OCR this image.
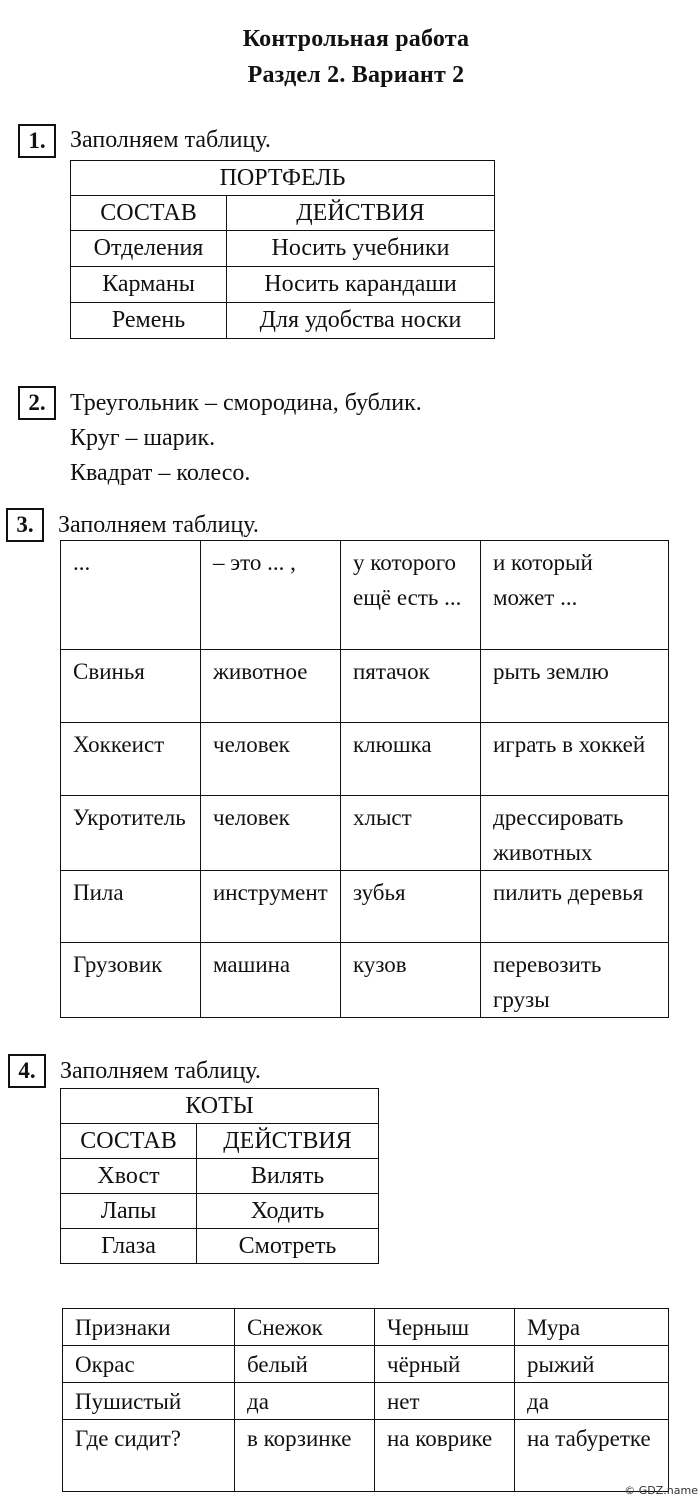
Контрольная работа
Раздел 2. Вариант 2
1.	Заполняем таблицу.
ПОРТФЕЛЬ	
СОСТАВ	ДЕЙСТВИЯ
Отделения	Носить учебники
Карманы	Носить карандаши
Ремень	Для удобства носки
2.	Треугольник – смородина, бублик.
Круг – шарик.
Квадрат – колесо.
3.	Заполняем таблицу.
...	– это ... ,	у которого ещё есть ...	и который может ...
Свинья	животное	пятачок	рыть землю
Хоккеист	человек	клюшка	играть в хоккей
Укротитель	человек	хлыст	дрессировать животных
Пила	инструмент	зубья	пилить деревья
Грузовик	машина	кузов	перевозить грузы
4.	Заполняем таблицу.
КОТЫ	
СОСТАВ	ДЕЙСТВИЯ
Хвост	Вилять
Лапы	Ходить
Глаза	Смотреть
Признаки	Снежок	Черныш	Мура
Окрас	белый	чёрный	рыжий
Пушистый	да	нет	да
Где сидит?	в корзинке	на коврике	на табуретке
© GDZ.name
